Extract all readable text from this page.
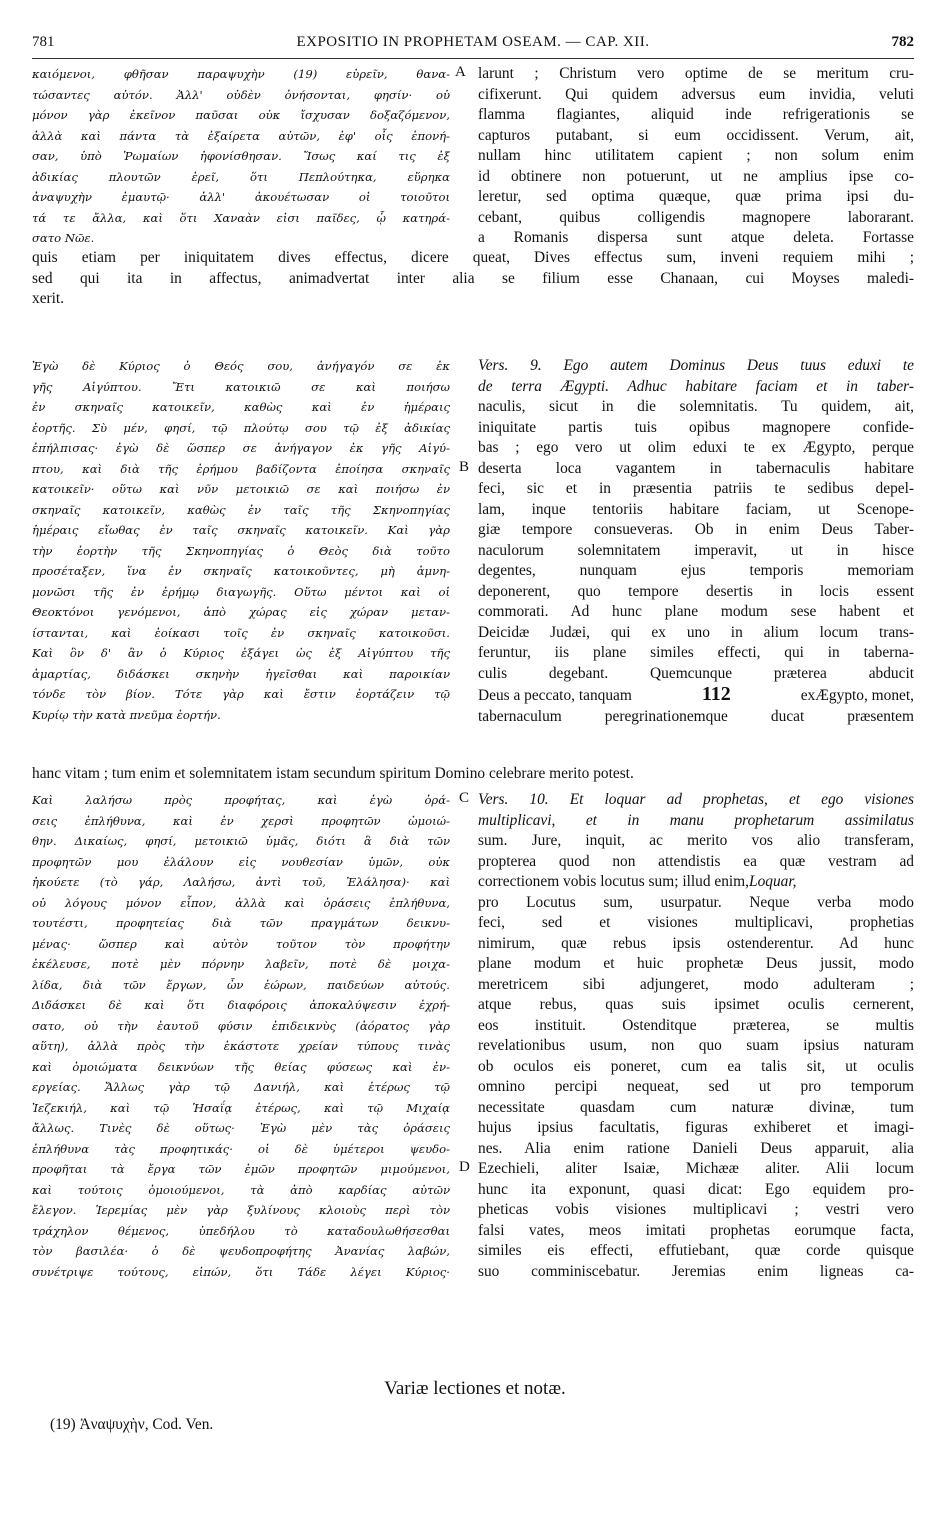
781	EXPOSITIO IN PROPHETAM OSEAM. — CAP. XII.	782
καιόμενοι, φθῆσαν παραψυχὴν (19) εὑρεῖν, θανα-
τώσαντες αὐτόν. Ἀλλ' οὐδὲν ὀνήσονται, φησίν· οὐ
μόνον γὰρ ἐκεῖνον παῦσαι οὐκ ἴσχυσαν δοξαζόμενον,
ἀλλὰ καὶ πάντα τὰ ἐξαίρετα αὐτῶν, ἐφ' οἷς ἐπονή-
σαν, ὑπὸ Ῥωμαίων ἠφονίσθησαν. Ἴσως καί τις ἐξ
ἀδικίας πλουτῶν ἐρεῖ, ὅτι Πεπλούτηκα, εὕρηκα
ἀναψυχὴν ἐμαυτῷ· ἀλλ' ἀκουέτωσαν οἱ τοιοῦτοι
τά τε ἄλλα, καὶ ὅτι Χαναὰν εἰσι παῖδες, ᾧ κατηρά-
σατο Νῶε.
A larunt ; Christum vero optime de se meritum cru-
cifixerunt. Qui quidem adversus eum invidia, veluti
flamma flagiantes, aliquid inde refrigerationis se
capturos putabant, si eum occidissent. Verum, ait,
nullam hinc utilitatem capient ; non solum enim
id obtinere non potuerunt, ut ne amplius ipse co-
leretur, sed optima quæque, quæ prima ipsi du-
cebant, quibus colligendis magnopere laborarant.
a Romanis dispersa sunt atque deleta. Fortasse
quis etiam per iniquitatem dives effectus, dicere queat, Dives effectus sum, inveni requiem mihi ;
sed qui ita in affectus, animadvertat inter alia se filium esse Chanaan, cui Moyses maledi-
xerit.
Ἐγὼ δὲ Κύριος ὁ Θεός σου, ἀνήγαγόν σε ἐκ
γῆς Αἰγύπτου. Ἔτι κατοικιῶ σε καὶ ποιήσω
ἐν σκηναῖς κατοικεῖν, καθὼς καὶ ἐν ἡμέραις
ἑορτῆς. Σὺ μέν, φησί, τῷ πλούτῳ σου τῷ ἐξ ἀδικίας
ἐπήλπισας· ἐγὼ δὲ ὥσπερ σε ἀνήγαγον ἐκ γῆς Αἰγύ-
πτου, καὶ διὰ τῆς ἐρήμου βαδίζοντα ἐποίησα σκηναῖς
κατοικεῖν· οὕτω καὶ νῦν μετοικιῶ σε καὶ ποιήσω ἐν
σκηναῖς κατοικεῖν, καθὼς ἐν ταῖς τῆς Σκηνοπηγίας
ἡμέραις εἴωθας ἐν ταῖς σκηναῖς κατοικεῖν. Καὶ γὰρ
τὴν ἑορτὴν τῆς Σκηνοπηγίας ὁ Θεὸς διὰ τοῦτο
προσέταξεν, ἵνα ἐν σκηναῖς κατοικοῦντες, μὴ ἀμνη-
μονῶσι τῆς ἐν ἐρήμῳ διαγωγῆς. Οὕτω μέντοι καὶ οἱ
Θεοκτόνοι γενόμενοι, ἀπὸ χώρας εἰς χώραν μεταν-
ίστανται, καὶ ἐοίκασι τοῖς ἐν σκηναῖς κατοικοῦσι.
Καὶ ὃν δ' ἂν ὁ Κύριος ἐξάγει ὡς ἐξ Αἰγύπτου τῆς
ἁμαρτίας, διδάσκει σκηνὴν ἡγεῖσθαι καὶ παροικίαν
τόνδε τὸν βίον. Τότε γὰρ καὶ ἔστιν ἑορτάζειν τῷ
Κυρίῳ τὴν κατὰ πνεῦμα ἑορτήν.
B
Vers. 9. Ego autem Dominus Deus tuus eduxi te
de terra Ægypti. Adhuc habitare faciam et in taber-
naculis, sicut in die solemnitatis. Tu quidem, ait,
iniquitate partis tuis opibus magnopere confide-
bas ; ego vero ut olim eduxi te ex Ægypto, perque
deserta loca vagantem in tabernaculis habitare
feci, sic et in præsentia patriis te sedibus depel-
lam, inque tentoriis habitare faciam, ut Scenope-
giæ tempore consueveras. Ob in enim Deus Taber-
naculorum solemnitatem imperavit, ut in hisce
degentes, nunquam ejus temporis memoriam
deponerent, quo tempore desertis in locis essent
commorati. Ad hunc plane modum sese habent et
Deicidæ Judæi, qui ex uno in alium locum trans-
feruntur, iis plane similes effecti, qui in taberna-
culis degebant. Quemcunque præterea abducit
Deus a peccato, tanquam	112	exÆgypto, monet,
tabernaculum peregrinationemque ducat præsentem
hanc vitam ; tum enim et solemnitatem istam secundum spiritum Domino celebrare merito potest.
Καὶ λαλήσω πρὸς προφήτας, καὶ ἐγὼ ὁρά-
σεις ἐπλήθυνα, καὶ ἐν χερσὶ προφητῶν ὡμοιώ-
θην. Δικαίως, φησί, μετοικιῶ ὑμᾶς, διότι ἃ διὰ τῶν
προφητῶν μου ἐλάλουν εἰς νουθεσίαν ὑμῶν, οὐκ
ἠκούετε (τὸ γάρ, Λαλήσω, ἀντὶ τοῦ, Ἐλάλησα)· καὶ
οὐ λόγους μόνον εἶπον, ἀλλὰ καὶ ὁράσεις ἐπλήθυνα,
τουτέστι, προφητείας διὰ τῶν πραγμάτων δεικνυ-
μένας· ὥσπερ καὶ αὐτὸν τοῦτον τὸν προφήτην
ἐκέλευσε, ποτὲ μὲν πόρνην λαβεῖν, ποτὲ δὲ μοιχα-
λίδα, διὰ τῶν ἔργων, ὧν ἑώρων, παιδεύων αὐτούς.
Διδάσκει δὲ καὶ ὅτι διαφόροις ἀποκαλύψεσιν ἐχρή-
σατο, οὐ τὴν ἑαυτοῦ φύσιν ἐπιδεικνὺς (ἀόρατος γὰρ
αὕτη), ἀλλὰ πρὸς τὴν ἑκάστοτε χρείαν τύπους τινὰς
καὶ ὁμοιώματα δεικνύων τῆς θείας φύσεως καὶ ἐν-
εργείας. Ἄλλως γὰρ τῷ Δανιήλ, καὶ ἑτέρως τῷ
Ἰεζεκιήλ, καὶ τῷ Ἡσαΐᾳ ἑτέρως, καὶ τῷ Μιχαίᾳ
ἄλλως. Τινὲς δὲ οὕτως· Ἐγὼ μὲν τὰς ὁράσεις
ἐπλήθυνα τὰς προφητικάς· οἱ δὲ ὑμέτεροι ψευδο-
προφῆται τὰ ἔργα τῶν ἐμῶν προφητῶν μιμούμενοι,
καὶ τούτοις ὁμοιούμενοι, τὰ ἀπὸ καρδίας αὐτῶν
ἔλεγον. Ἱερεμίας μὲν γὰρ ξυλίνους κλοιοὺς περὶ τὸν
τράχηλον θέμενος, ὑπεδήλου τὸ καταδουλωθήσεσθαι
τὸν βασιλέα· ὁ δὲ ψευδοπροφήτης Ἀνανίας λαβών,
συνέτριψε τούτους, εἰπών, ὅτι Τάδε λέγει Κύριος·
C
D
Vers. 10. Et loquar ad prophetas, et ego visiones
multiplicavi, et in manu prophetarum assimilatus
sum. Jure, inquit, ac merito vos alio transferam,
propterea quod non attendistis ea quæ vestram ad
correctionem vobis locutus sum; illud enim,Loquar,
pro Locutus sum, usurpatur. Neque verba modo
feci, sed et visiones multiplicavi, prophetias
nimirum, quæ rebus ipsis ostenderentur. Ad hunc
plane modum et huic prophetæ Deus jussit, modo
meretricem sibi adjungeret, modo adulteram ;
atque rebus, quas suis ipsimet oculis cernerent,
eos instituit. Ostenditque præterea, se multis
revelationibus usum, non quo suam ipsius naturam
ob oculos eis poneret, cum ea talis sit, ut oculis
omnino percipi nequeat, sed ut pro temporum
necessitate quasdam cum naturæ divinæ, tum
hujus ipsius facultatis, figuras exhiberet et imagi-
nes. Alia enim ratione Danieli Deus apparuit, alia
Ezechieli, aliter Isaiæ, Michææ aliter. Alii locum
hunc ita exponunt, quasi dicat: Ego equidem pro-
pheticas vobis visiones multiplicavi ; vestri vero
falsi vates, meos imitati prophetas eorumque facta,
similes eis effecti, effutiebant, quæ corde quisque
suo comminiscebatur. Jeremias enim ligneas ca-
Variæ lectiones et notæ.
(19) Ἀναψυχὴν, Cod. Ven.
